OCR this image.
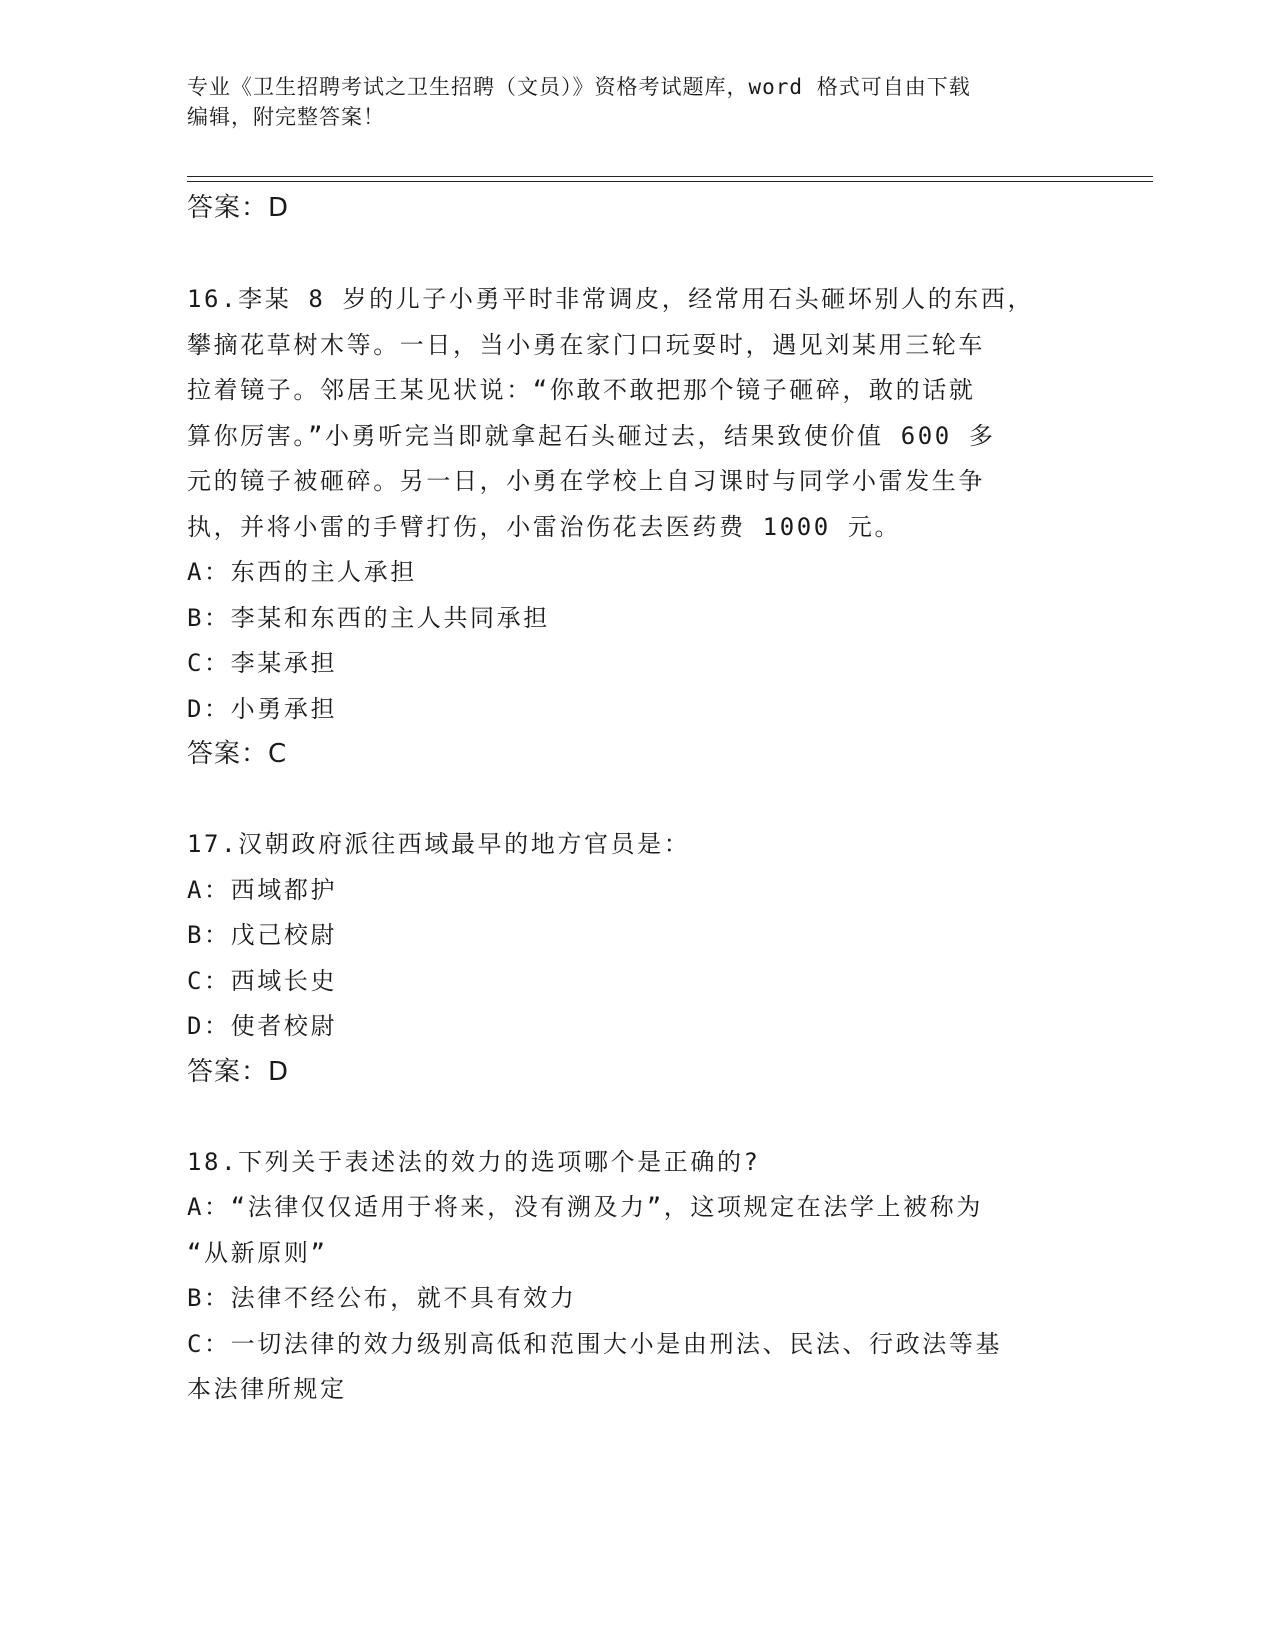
专业《卫生招聘考试之卫生招聘（文员）》资格考试题库，word 格式可自由下载
编辑，附完整答案！
答案：D
16.李某 8 岁的儿子小勇平时非常调皮，经常用石头砸坏别人的东西，
攀摘花草树木等。一日，当小勇在家门口玩耍时，遇见刘某用三轮车
拉着镜子。邻居王某见状说：“你敢不敢把那个镜子砸碎，敢的话就
算你厉害。”小勇听完当即就拿起石头砸过去，结果致使价值 600 多
元的镜子被砸碎。另一日，小勇在学校上自习课时与同学小雷发生争
执，并将小雷的手臂打伤，小雷治伤花去医药费 1000 元。
A：东西的主人承担
B：李某和东西的主人共同承担
C：李某承担
D：小勇承担
答案：C
17.汉朝政府派往西域最早的地方官员是：
A：西域都护
B：戊己校尉
C：西域长史
D：使者校尉
答案：D
18.下列关于表述法的效力的选项哪个是正确的?
A：“法律仅仅适用于将来，没有溯及力”，这项规定在法学上被称为
“从新原则”
B：法律不经公布，就不具有效力
C：一切法律的效力级别高低和范围大小是由刑法、民法、行政法等基
本法律所规定
